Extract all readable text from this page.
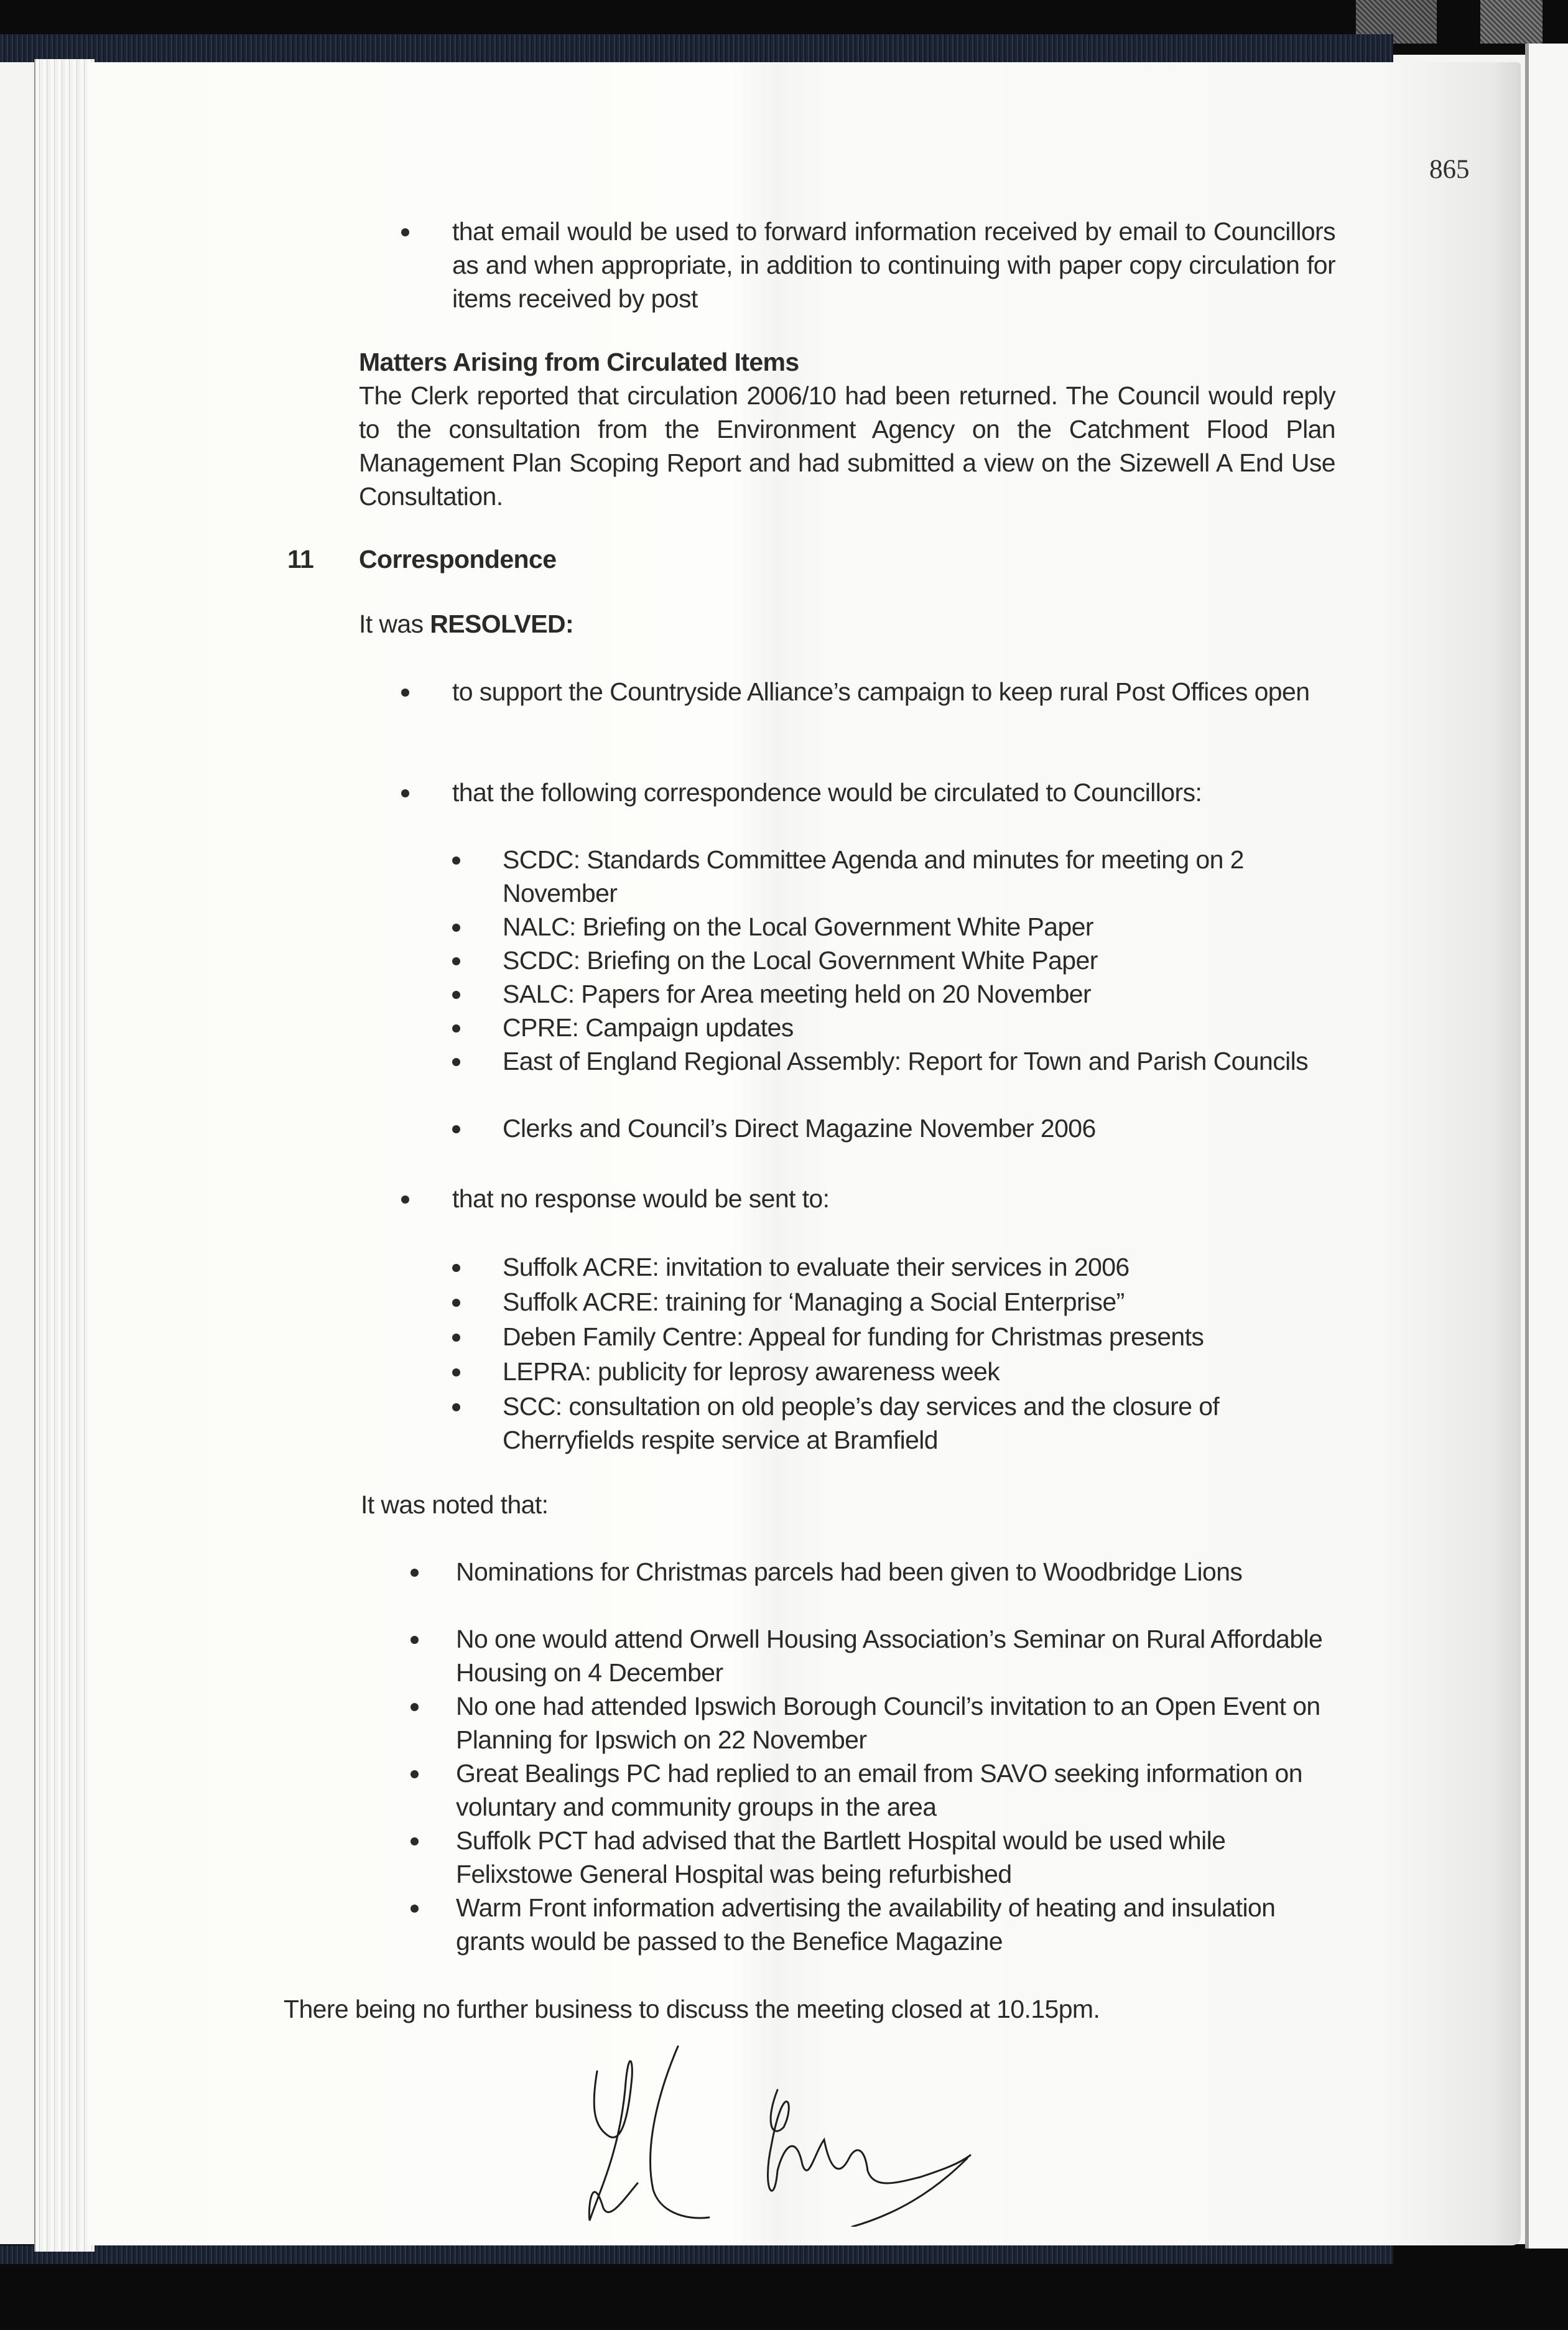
865
that email would be used to forward information received by email to Councillors as and when appropriate, in addition to continuing with paper copy circulation for items received by post
Matters Arising from Circulated Items
The Clerk reported that circulation 2006/10 had been returned. The Council would reply to the consultation from the Environment Agency on the Catchment Flood Plan Management Plan Scoping Report and had submitted a view on the Sizewell A End Use Consultation.
11 Correspondence
It was RESOLVED:
to support the Countryside Alliance’s campaign to keep rural Post Offices open
that the following correspondence would be circulated to Councillors:
SCDC: Standards Committee Agenda and minutes for meeting on 2 November
NALC: Briefing on the Local Government White Paper
SCDC: Briefing on the Local Government White Paper
SALC: Papers for Area meeting held on 20 November
CPRE: Campaign updates
East of England Regional Assembly: Report for Town and Parish Councils
Clerks and Council’s Direct Magazine November 2006
that no response would be sent to:
Suffolk ACRE: invitation to evaluate their services in 2006
Suffolk ACRE: training for ‘Managing a Social Enterprise”
Deben Family Centre: Appeal for funding for Christmas presents
LEPRA: publicity for leprosy awareness week
SCC: consultation on old people’s day services and the closure of Cherryfields respite service at Bramfield
It was noted that:
Nominations for Christmas parcels had been given to Woodbridge Lions
No one would attend Orwell Housing Association’s Seminar on Rural Affordable Housing on 4 December
No one had attended Ipswich Borough Council’s invitation to an Open Event on Planning for Ipswich on 22 November
Great Bealings PC had replied to an email from SAVO seeking information on voluntary and community groups in the area
Suffolk PCT had advised that the Bartlett Hospital would be used while Felixstowe General Hospital was being refurbished
Warm Front information advertising the availability of heating and insulation grants would be passed to the Benefice Magazine
There being no further business to discuss the meeting closed at 10.15pm.
